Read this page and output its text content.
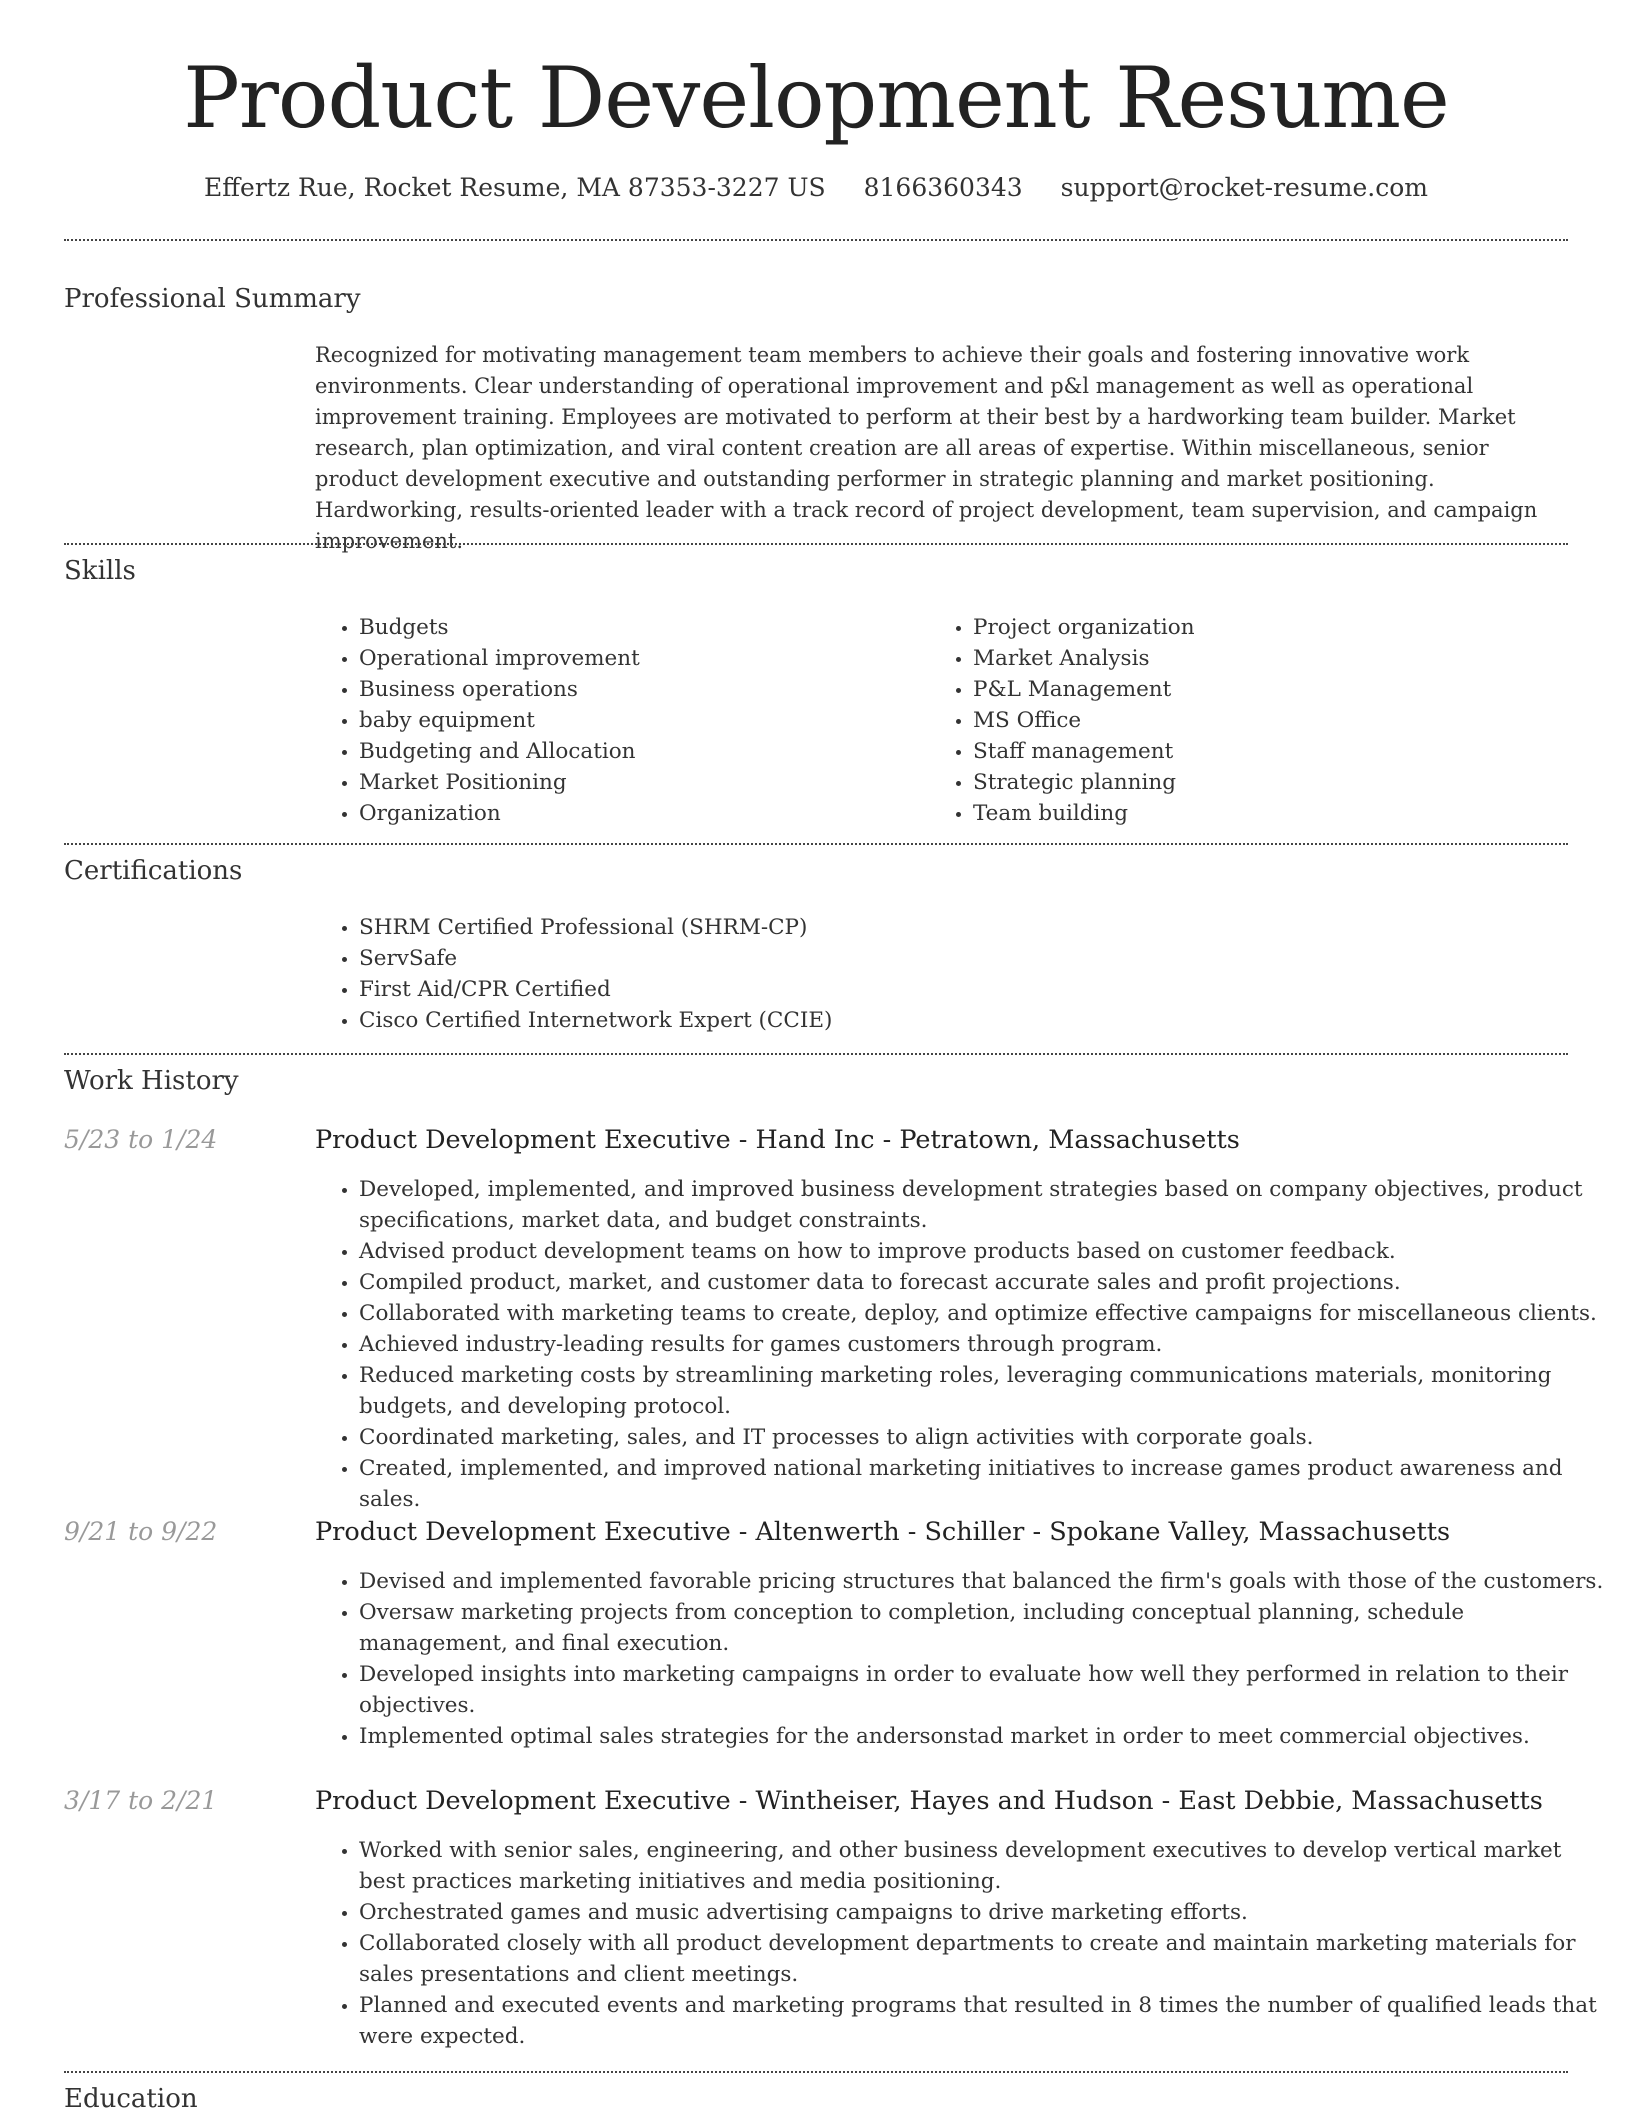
Product Development Resume
Effertz Rue, Rocket Resume, MA 87353-3227 US 8166360343 support@rocket-resume.com
Professional Summary
Recognized for motivating management team members to achieve their goals and fostering innovative work environments. Clear understanding of operational improvement and p&l management as well as operational improvement training. Employees are motivated to perform at their best by a hardworking team builder. Market research, plan optimization, and viral content creation are all areas of expertise. Within miscellaneous, senior product development executive and outstanding performer in strategic planning and market positioning. Hardworking, results-oriented leader with a track record of project development, team supervision, and campaign improvement.
Skills
• Budgets
• Operational improvement
• Business operations
• baby equipment
• Budgeting and Allocation
• Market Positioning
• Organization
• Project organization
• Market Analysis
• P&L Management
• MS Office
• Staff management
• Strategic planning
• Team building
Certifications
• SHRM Certified Professional (SHRM-CP)
• ServSafe
• First Aid/CPR Certified
• Cisco Certified Internetwork Expert (CCIE)
Work History
5/23 to 1/24	Product Development Executive - Hand Inc - Petratown, Massachusetts
• Developed, implemented, and improved business development strategies based on company objectives, product specifications, market data, and budget constraints.
• Advised product development teams on how to improve products based on customer feedback.
• Compiled product, market, and customer data to forecast accurate sales and profit projections.
• Collaborated with marketing teams to create, deploy, and optimize effective campaigns for miscellaneous clients.
• Achieved industry-leading results for games customers through program.
• Reduced marketing costs by streamlining marketing roles, leveraging communications materials, monitoring budgets, and developing protocol.
• Coordinated marketing, sales, and IT processes to align activities with corporate goals.
• Created, implemented, and improved national marketing initiatives to increase games product awareness and sales.
9/21 to 9/22	Product Development Executive - Altenwerth - Schiller - Spokane Valley, Massachusetts
• Devised and implemented favorable pricing structures that balanced the firm's goals with those of the customers.
• Oversaw marketing projects from conception to completion, including conceptual planning, schedule management, and final execution.
• Developed insights into marketing campaigns in order to evaluate how well they performed in relation to their objectives.
• Implemented optimal sales strategies for the andersonstad market in order to meet commercial objectives.
3/17 to 2/21	Product Development Executive - Wintheiser, Hayes and Hudson - East Debbie, Massachusetts
• Worked with senior sales, engineering, and other business development executives to develop vertical market best practices marketing initiatives and media positioning.
• Orchestrated games and music advertising campaigns to drive marketing efforts.
• Collaborated closely with all product development departments to create and maintain marketing materials for sales presentations and client meetings.
• Planned and executed events and marketing programs that resulted in 8 times the number of qualified leads that were expected.
Education
